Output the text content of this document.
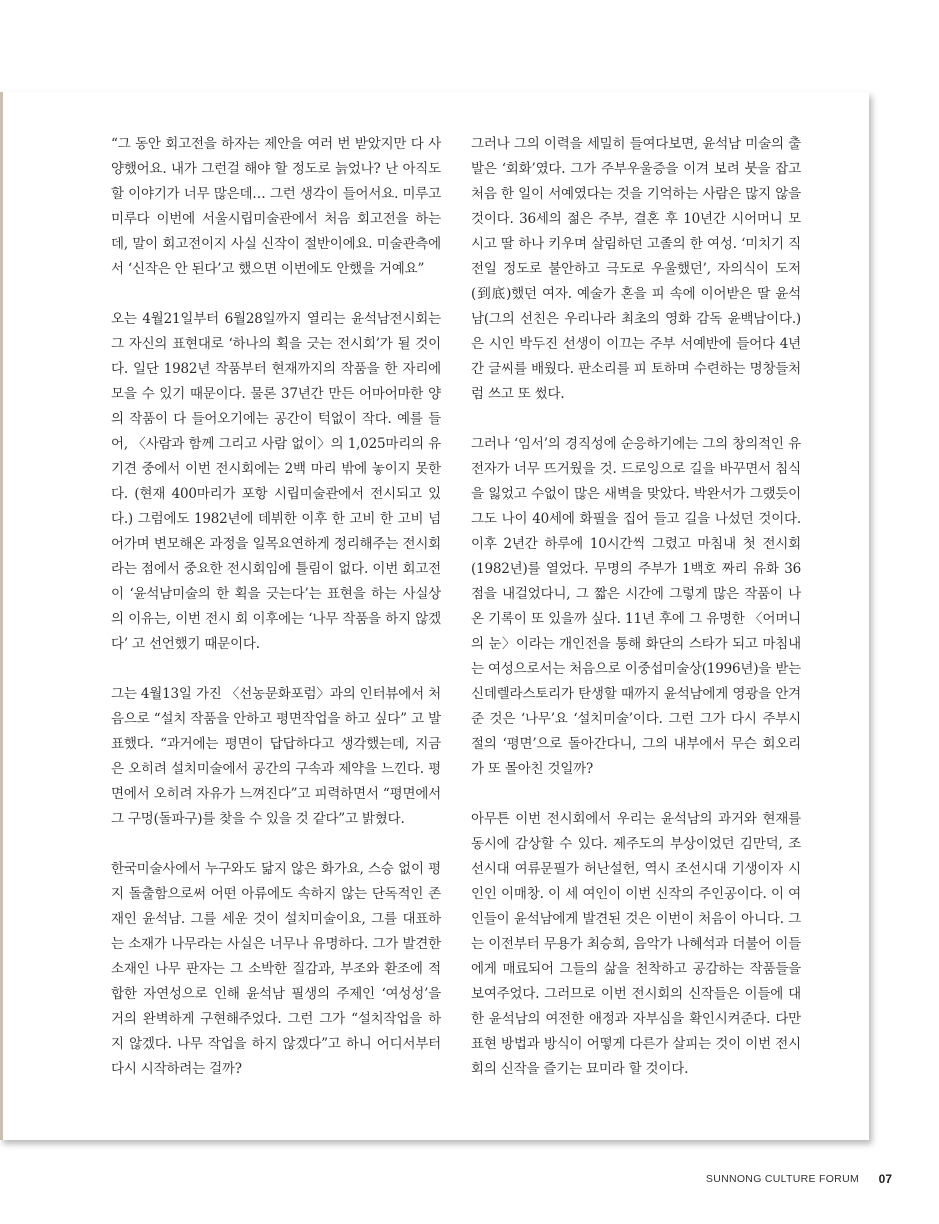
“그 동안 회고전을 하자는 제안을 여러 번 받았지만 다 사양했어요. 내가 그런걸 해야 할 정도로 늙었나? 난 아직도 할 이야기가 너무 많은데… 그런 생각이 들어서요. 미루고 미루다 이번에 서울시립미술관에서 처음 회고전을 하는데, 말이 회고전이지 사실 신작이 절반이에요. 미술관측에서 ‘신작은 안 된다’고 했으면 이번에도 안했을 거예요”

오는 4월21일부터 6월28일까지 열리는 윤석남전시회는 그 자신의 표현대로 ‘하나의 획을 긋는 전시회’가 될 것이다. 일단 1982년 작품부터 현재까지의 작품을 한 자리에 모을 수 있기 때문이다. 물론 37년간 만든 어마어마한 양의 작품이 다 들어오기에는 공간이 턱없이 작다. 예를 들어, 〈사람과 함께 그리고 사람 없이〉의 1,025마리의 유기견 중에서 이번 전시회에는 2백 마리 밖에 놓이지 못한다. (현재 400마리가 포항 시립미술관에서 전시되고 있다.) 그럼에도 1982년에 데뷔한 이후 한 고비 한 고비 넘어가며 변모해온 과정을 일목요연하게 정리해주는 전시회라는 점에서 중요한 전시회임에 틀림이 없다. 이번 회고전이 ‘윤석남미술의 한 획을 긋는다’는 표현을 하는 사실상의 이유는, 이번 전시 회 이후에는 ‘나무 작품을 하지 않겠다’ 고 선언했기 때문이다.

그는 4월13일 가진 〈선농문화포럼〉과의 인터뷰에서 처음으로 “설치 작품을 안하고 평면작업을 하고 싶다” 고 발표했다. “과거에는 평면이 답답하다고 생각했는데, 지금은 오히려 설치미술에서 공간의 구속과 제약을 느낀다. 평면에서 오히려 자유가 느껴진다”고 피력하면서 “평면에서 그 구멍(돌파구)를 찾을 수 있을 것 같다”고 밝혔다.

한국미술사에서 누구와도 닮지 않은 화가요, 스승 없이 평지 돌출함으로써 어떤 아류에도 속하지 않는 단독적인 존재인 윤석남. 그를 세운 것이 설치미술이요, 그를 대표하는 소재가 나무라는 사실은 너무나 유명하다. 그가 발견한 소재인 나무 판자는 그 소박한 질감과, 부조와 환조에 적합한 자연성으로 인해 윤석남 필생의 주제인 ‘여성성’을 거의 완벽하게 구현해주었다. 그런 그가 “설치작업을 하지 않겠다. 나무 작업을 하지 않겠다”고 하니 어디서부터 다시 시작하려는 걸까?

그러나 그의 이력을 세밀히 들여다보면, 윤석남 미술의 출발은 ‘회화’였다. 그가 주부우울증을 이겨 보려 붓을 잡고 처음 한 일이 서예였다는 것을 기억하는 사람은 많지 않을 것이다. 36세의 젊은 주부, 결혼 후 10년간 시어머니 모시고 딸 하나 키우며 살림하던 고졸의 한 여성. ‘미치기 직전일 정도로 불안하고 극도로 우울했던’, 자의식이 도저(到底)했던 여자. 예술가 혼을 피 속에 이어받은 딸 윤석남(그의 선친은 우리나라 최초의 영화 감독 윤백남이다.)은 시인 박두진 선생이 이끄는 주부 서예반에 들어다 4년간 글씨를 배웠다. 판소리를 피 토하며 수련하는 명창들처럼 쓰고 또 썼다.

그러나 ‘임서’의 경직성에 순응하기에는 그의 창의적인 유전자가 너무 뜨거웠을 것. 드로잉으로 길을 바꾸면서 침식을 잃었고 수없이 많은 새벽을 맞았다. 박완서가 그랬듯이 그도 나이 40세에 화필을 집어 들고 길을 나섰던 것이다. 이후 2년간 하루에 10시간씩 그렸고 마침내 첫 전시회(1982년)를 열었다. 무명의 주부가 1백호 짜리 유화 36점을 내걸었다니, 그 짧은 시간에 그렇게 많은 작품이 나온 기록이 또 있을까 싶다. 11년 후에 그 유명한 〈어머니의 눈〉이라는 개인전을 통해 화단의 스타가 되고 마침내는 여성으로서는 처음으로 이중섭미술상(1996년)을 받는 신데렐라스토리가 탄생할 때까지 윤석남에게 영광을 안겨준 것은 ‘나무’요 ‘설치미술’이다. 그런 그가 다시 주부시절의 ‘평면’으로 돌아간다니, 그의 내부에서 무슨 회오리가 또 몰아친 것일까?

아무튼 이번 전시회에서 우리는 윤석남의 과거와 현재를 동시에 감상할 수 있다. 제주도의 부상이었던 김만덕, 조선시대 여류문필가 허난설헌, 역시 조선시대 기생이자 시인인 이매창. 이 세 여인이 이번 신작의 주인공이다. 이 여인들이 윤석남에게 발견된 것은 이번이 처음이 아니다. 그는 이전부터 무용가 최승희, 음악가 나혜석과 더불어 이들에게 매료되어 그들의 삶을 천착하고 공감하는 작품들을 보여주었다. 그러므로 이번 전시회의 신작들은 이들에 대한 윤석남의 여전한 애정과 자부심을 확인시켜준다. 다만 표현 방법과 방식이 어떻게 다른가 살피는 것이 이번 전시회의 신작을 즐기는 묘미라 할 것이다.

SUNNONG CULTURE FORUM 07
